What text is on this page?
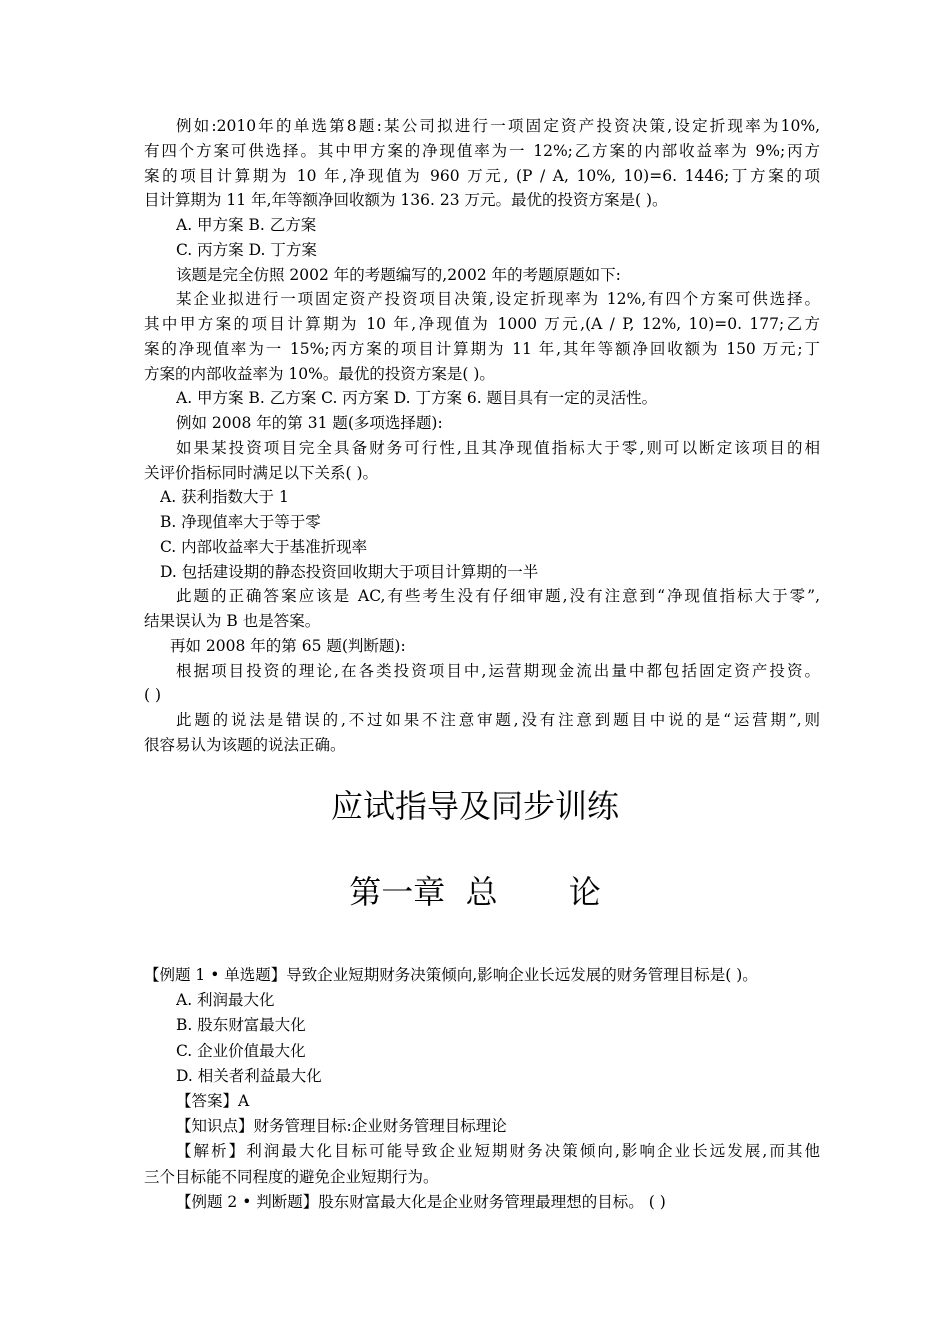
例如:2010年的单选第8题:某公司拟进行一项固定资产投资决策,设定折现率为10%,
有四个方案可供选择。其中甲方案的净现值率为一 12%;乙方案的内部收益率为 9%;丙方
案的项目计算期为 10 年,净现值为 960 万元, (P / A, 10%, 10)=6. 1446;丁方案的项
目计算期为 11 年,年等额净回收额为 136. 23 万元。最优的投资方案是( )。
A. 甲方案 B. 乙方案
C. 丙方案 D. 丁方案
该题是完全仿照 2002 年的考题编写的,2002 年的考题原题如下:
某企业拟进行一项固定资产投资项目决策,设定折现率为 12%,有四个方案可供选择。
其中甲方案的项目计算期为 10 年,净现值为 1000 万元,(A / P, 12%, 10)=0. 177;乙方
案的净现值率为一 15%;丙方案的项目计算期为 11 年,其年等额净回收额为 150 万元;丁
方案的内部收益率为 10%。最优的投资方案是( )。
A. 甲方案 B. 乙方案 C. 丙方案 D. 丁方案 6. 题目具有一定的灵活性。
例如 2008 年的第 31 题(多项选择题):
如果某投资项目完全具备财务可行性,且其净现值指标大于零,则可以断定该项目的相
关评价指标同时满足以下关系( )。
A. 获利指数大于 1
B. 净现值率大于等于零
C. 内部收益率大于基准折现率
D. 包括建设期的静态投资回收期大于项目计算期的一半
此题的正确答案应该是 AC,有些考生没有仔细审题,没有注意到“净现值指标大于零”,
结果误认为 B 也是答案。
再如 2008 年的第 65 题(判断题):
根据项目投资的理论,在各类投资项目中,运营期现金流出量中都包括固定资产投资。
( )
此题的说法是错误的,不过如果不注意审题,没有注意到题目中说的是“运营期”,则
很容易认为该题的说法正确。
应试指导及同步训练
第一章  总       论
【例题 1 • 单选题】导致企业短期财务决策倾向,影响企业长远发展的财务管理目标是( )。
A. 利润最大化
B. 股东财富最大化
C. 企业价值最大化
D. 相关者利益最大化
【答案】A
【知识点】财务管理目标:企业财务管理目标理论
【解析】利润最大化目标可能导致企业短期财务决策倾向,影响企业长远发展,而其他
三个目标能不同程度的避免企业短期行为。
【例题 2 • 判断题】股东财富最大化是企业财务管理最理想的目标。 ( )
